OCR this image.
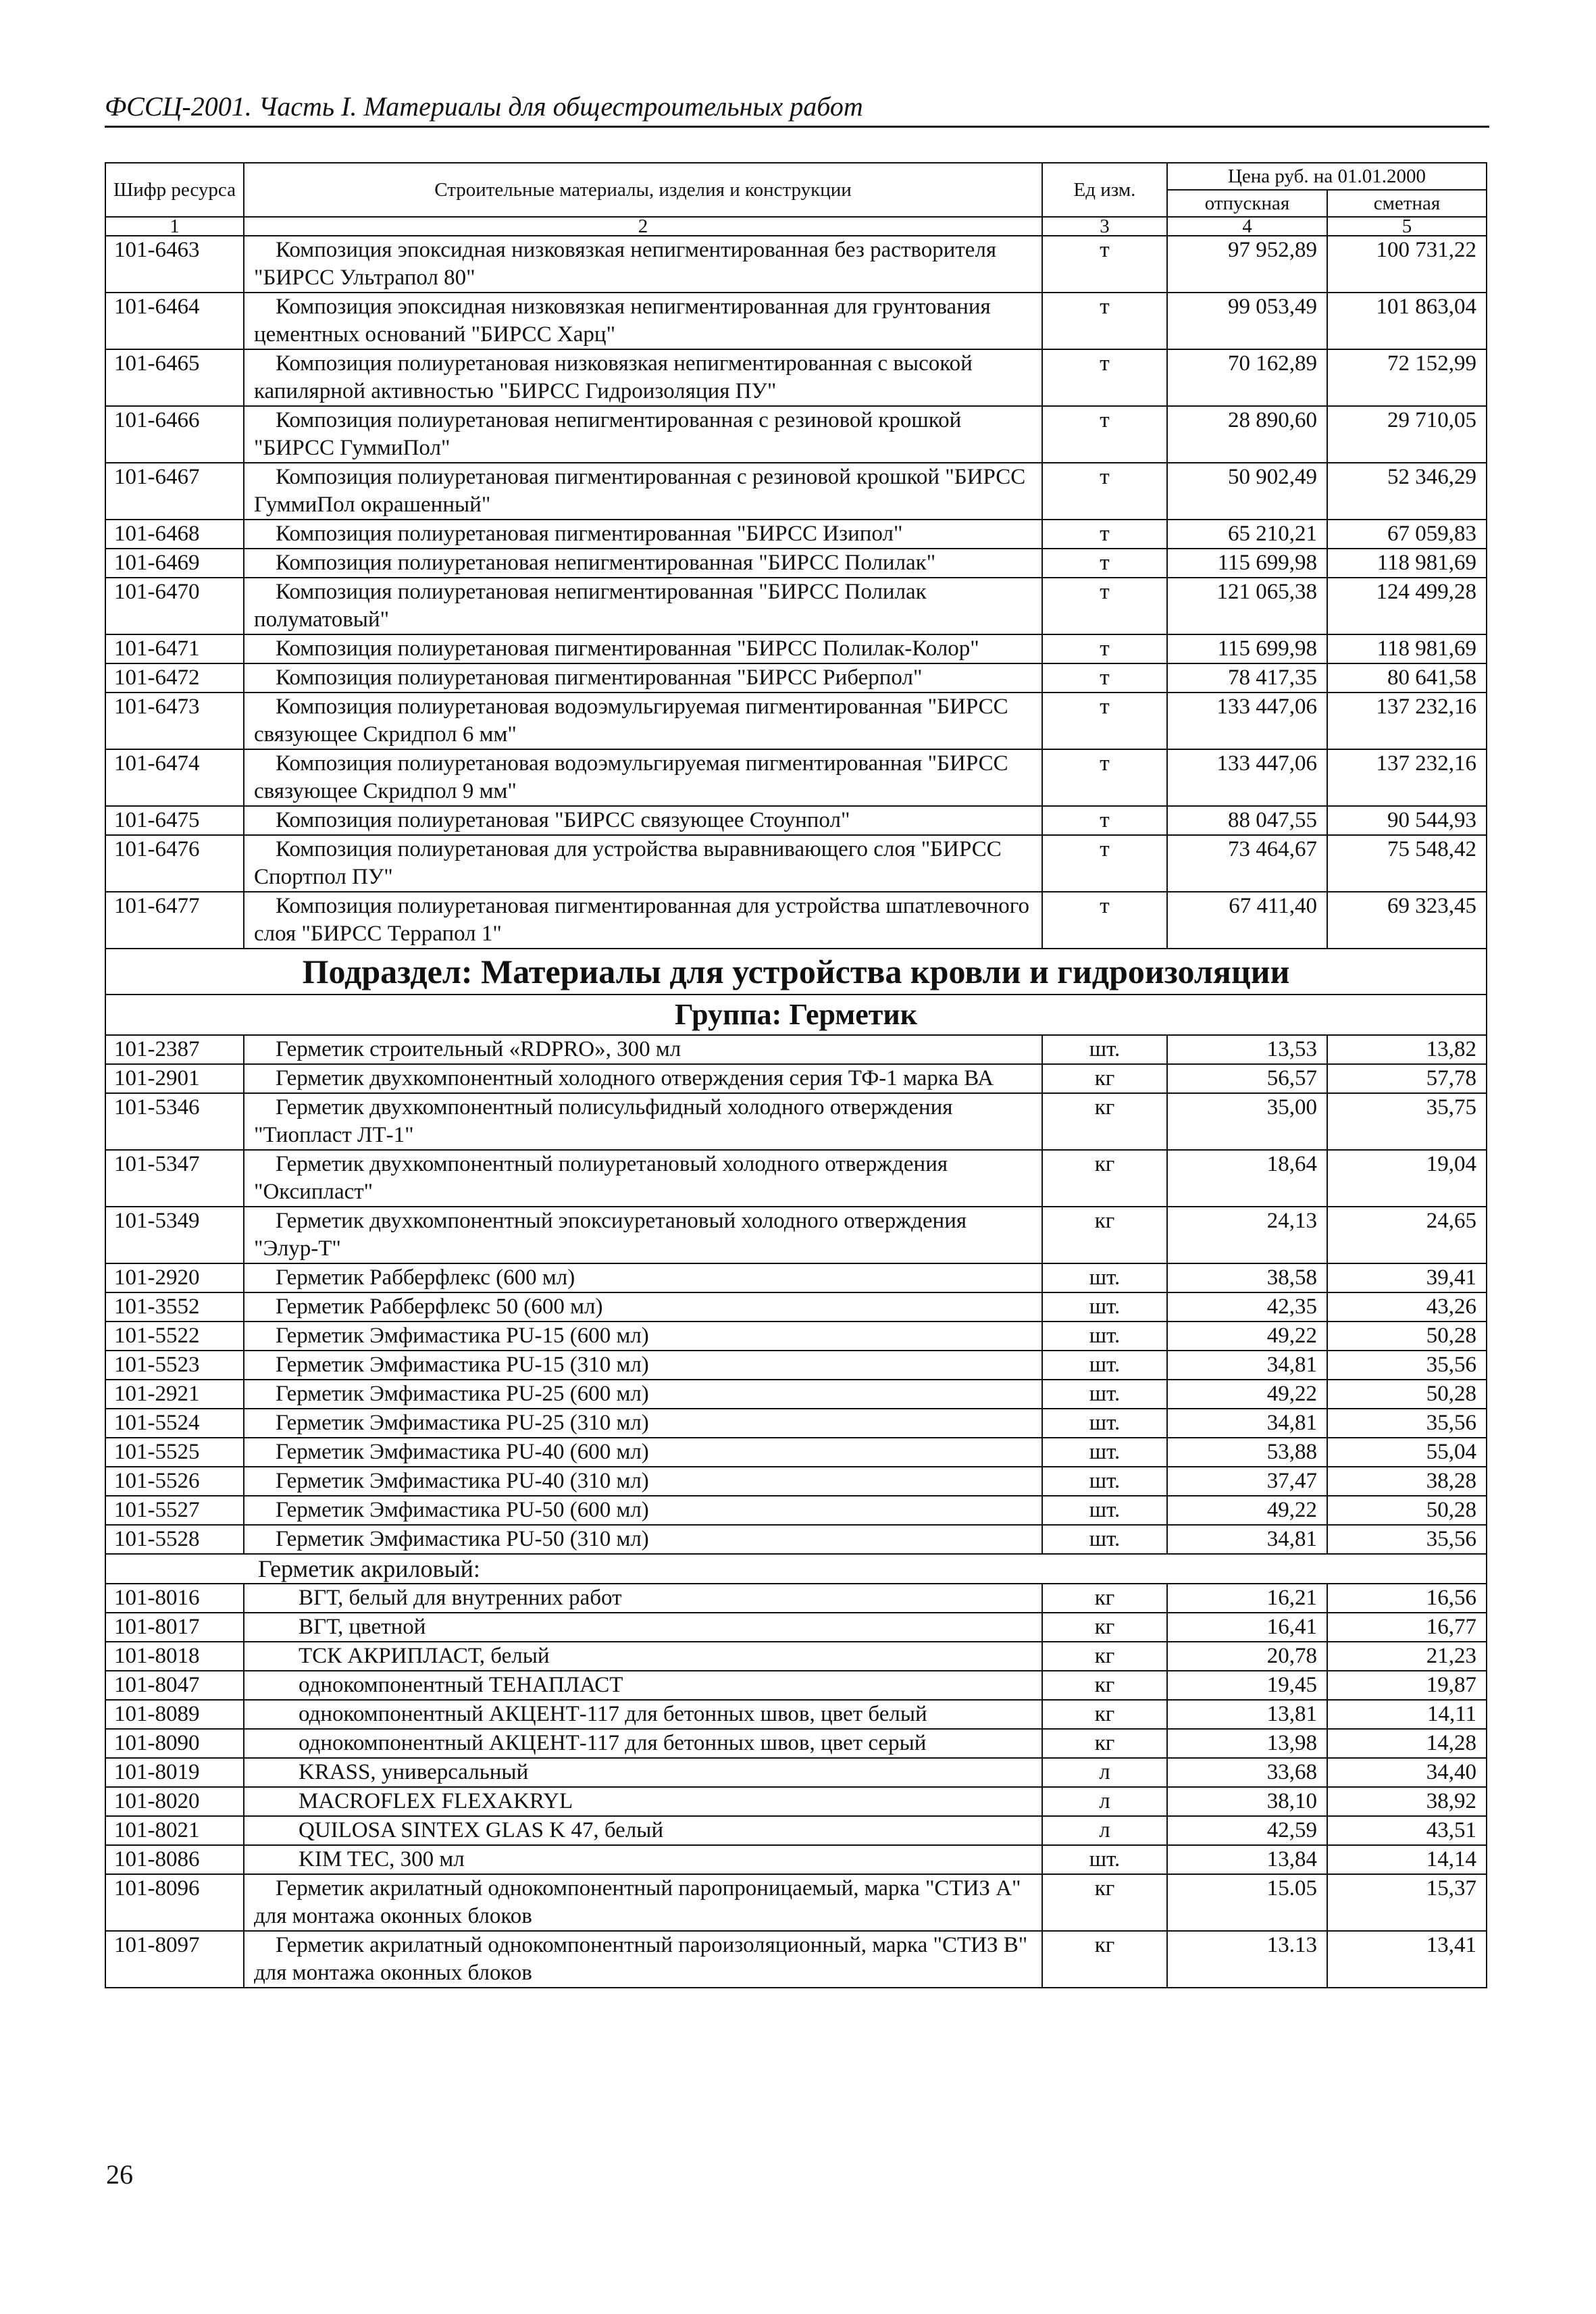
ФССЦ-2001. Часть I. Материалы для общестроительных работ
Шифр ресурса	Строительные материалы, изделия и конструкции	Ед изм.	Цена руб. на 01.01.2000	
			отпускная	сметная
1	2	3	4	5
101-6463	Композиция эпоксидная низковязкая непигментированная без растворителя "БИРСС Ультрапол 80"	т	97 952,89	100 731,22
101-6464	Композиция эпоксидная низковязкая непигментированная для грунтования цементных оснований "БИРСС Харц"	т	99 053,49	101 863,04
101-6465	Композиция полиуретановая низковязкая непигментированная с высокой капилярной активностью "БИРСС Гидроизоляция ПУ"	т	70 162,89	72 152,99
101-6466	Композиция полиуретановая непигментированная с резиновой крошкой "БИРСС ГуммиПол"	т	28 890,60	29 710,05
101-6467	Композиция полиуретановая пигментированная с резиновой крошкой "БИРСС ГуммиПол окрашенный"	т	50 902,49	52 346,29
101-6468	Композиция полиуретановая пигментированная "БИРСС Изипол"	т	65 210,21	67 059,83
101-6469	Композиция полиуретановая непигментированная "БИРСС Полилак"	т	115 699,98	118 981,69
101-6470	Композиция полиуретановая непигментированная "БИРСС Полилак полуматовый"	т	121 065,38	124 499,28
101-6471	Композиция полиуретановая пигментированная "БИРСС Полилак-Колор"	т	115 699,98	118 981,69
101-6472	Композиция полиуретановая пигментированная "БИРСС Риберпол"	т	78 417,35	80 641,58
101-6473	Композиция полиуретановая водоэмульгируемая пигментированная "БИРСС связующее Скридпол 6 мм"	т	133 447,06	137 232,16
101-6474	Композиция полиуретановая водоэмульгируемая пигментированная "БИРСС связующее Скридпол 9 мм"	т	133 447,06	137 232,16
101-6475	Композиция полиуретановая "БИРСС связующее Стоунпол"	т	88 047,55	90 544,93
101-6476	Композиция полиуретановая для устройства выравнивающего слоя "БИРСС Спортпол ПУ"	т	73 464,67	75 548,42
101-6477	Композиция полиуретановая пигментированная для устройства шпатлевочного слоя "БИРСС Террапол 1"	т	67 411,40	69 323,45
Подраздел: Материалы для устройства кровли и гидроизоляции				
Группа: Герметик				
101-2387	Герметик строительный «RDPRO», 300 мл	шт.	13,53	13,82
101-2901	Герметик двухкомпонентный холодного отверждения серия ТФ-1 марка ВА	кг	56,57	57,78
101-5346	Герметик двухкомпонентный полисульфидный холодного отверждения "Тиопласт ЛТ-1"	кг	35,00	35,75
101-5347	Герметик двухкомпонентный полиуретановый холодного отверждения "Оксипласт"	кг	18,64	19,04
101-5349	Герметик двухкомпонентный эпоксиуретановый холодного отверждения "Элур-Т"	кг	24,13	24,65
101-2920	Герметик Рабберфлекс (600 мл)	шт.	38,58	39,41
101-3552	Герметик Рабберфлекс 50 (600 мл)	шт.	42,35	43,26
101-5522	Герметик Эмфимастика PU-15 (600 мл)	шт.	49,22	50,28
101-5523	Герметик Эмфимастика PU-15 (310 мл)	шт.	34,81	35,56
101-2921	Герметик Эмфимастика PU-25 (600 мл)	шт.	49,22	50,28
101-5524	Герметик Эмфимастика PU-25 (310 мл)	шт.	34,81	35,56
101-5525	Герметик Эмфимастика PU-40 (600 мл)	шт.	53,88	55,04
101-5526	Герметик Эмфимастика PU-40 (310 мл)	шт.	37,47	38,28
101-5527	Герметик Эмфимастика PU-50 (600 мл)	шт.	49,22	50,28
101-5528	Герметик Эмфимастика PU-50 (310 мл)	шт.	34,81	35,56
Герметик акриловый:				
101-8016	ВГТ, белый для внутренних работ	кг	16,21	16,56
101-8017	ВГТ, цветной	кг	16,41	16,77
101-8018	ТСК АКРИПЛАСТ, белый	кг	20,78	21,23
101-8047	однокомпонентный ТЕНАПЛАСТ	кг	19,45	19,87
101-8089	однокомпонентный АКЦЕНТ-117 для бетонных швов, цвет белый	кг	13,81	14,11
101-8090	однокомпонентный АКЦЕНТ-117 для бетонных швов, цвет серый	кг	13,98	14,28
101-8019	KRASS, универсальный	л	33,68	34,40
101-8020	MACROFLEX FLEXAKRYL	л	38,10	38,92
101-8021	QUILOSA SINTEX GLAS K 47, белый	л	42,59	43,51
101-8086	KIM TEC, 300 мл	шт.	13,84	14,14
101-8096	Герметик акрилатный однокомпонентный паропроницаемый, марка "СТИЗ А" для монтажа оконных блоков	кг	15.05	15,37
101-8097	Герметик акрилатный однокомпонентный пароизоляционный, марка "СТИЗ В" для монтажа оконных блоков	кг	13.13	13,41
26
